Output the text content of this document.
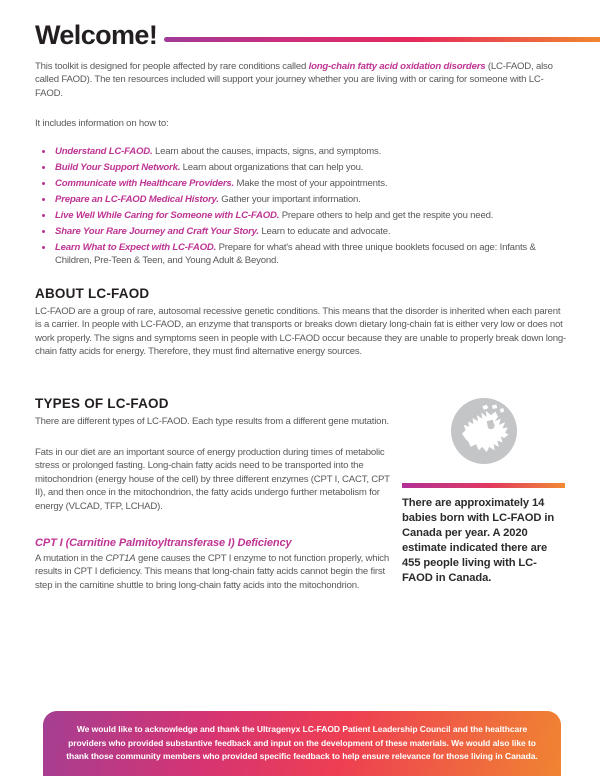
Welcome!

This toolkit is designed for people affected by rare conditions called long-chain fatty acid oxidation disorders (LC-FAOD, also called FAOD). The ten resources included will support your journey whether you are living with or caring for someone with LC-FAOD.

It includes information on how to:

Understand LC-FAOD. Learn about the causes, impacts, signs, and symptoms.
Build Your Support Network. Learn about organizations that can help you.
Communicate with Healthcare Providers. Make the most of your appointments.
Prepare an LC-FAOD Medical History. Gather your important information.
Live Well While Caring for Someone with LC-FAOD. Prepare others to help and get the respite you need.
Share Your Rare Journey and Craft Your Story. Learn to educate and advocate.
Learn What to Expect with LC-FAOD. Prepare for what's ahead with three unique booklets focused on age: Infants & Children, Pre-Teen & Teen, and Young Adult & Beyond.
ABOUT LC-FAOD

LC-FAOD are a group of rare, autosomal recessive genetic conditions. This means that the disorder is inherited when each parent is a carrier. In people with LC-FAOD, an enzyme that transports or breaks down dietary long-chain fat is either very low or does not work properly. The signs and symptoms seen in people with LC-FAOD occur because they are unable to properly break down long-chain fatty acids for energy. Therefore, they must find alternative energy sources.

TYPES OF LC-FAOD

There are different types of LC-FAOD. Each type results from a different gene mutation.

Fats in our diet are an important source of energy production during times of metabolic stress or prolonged fasting. Long-chain fatty acids need to be transported into the mitochondrion (energy house of the cell) by three different enzymes (CPT I, CACT, CPT II), and then once in the mitochondrion, the fatty acids undergo further metabolism for energy (VLCAD, TFP, LCHAD).

CPT I (Carnitine Palmitoyltransferase I) Deficiency

A mutation in the CPT1A gene causes the CPT I enzyme to not function properly, which results in CPT I deficiency. This means that long-chain fatty acids cannot begin the first step in the carnitine shuttle to bring long-chain fatty acids into the mitochondrion.

There are approximately 14 babies born with LC-FAOD in Canada per year. A 2020 estimate indicated there are 455 people living with LC-FAOD in Canada.

We would like to acknowledge and thank the Ultragenyx LC-FAOD Patient Leadership Council and the healthcare providers who provided substantive feedback and input on the development of these materials. We would also like to thank those community members who provided specific feedback to help ensure relevance for those living in Canada.
